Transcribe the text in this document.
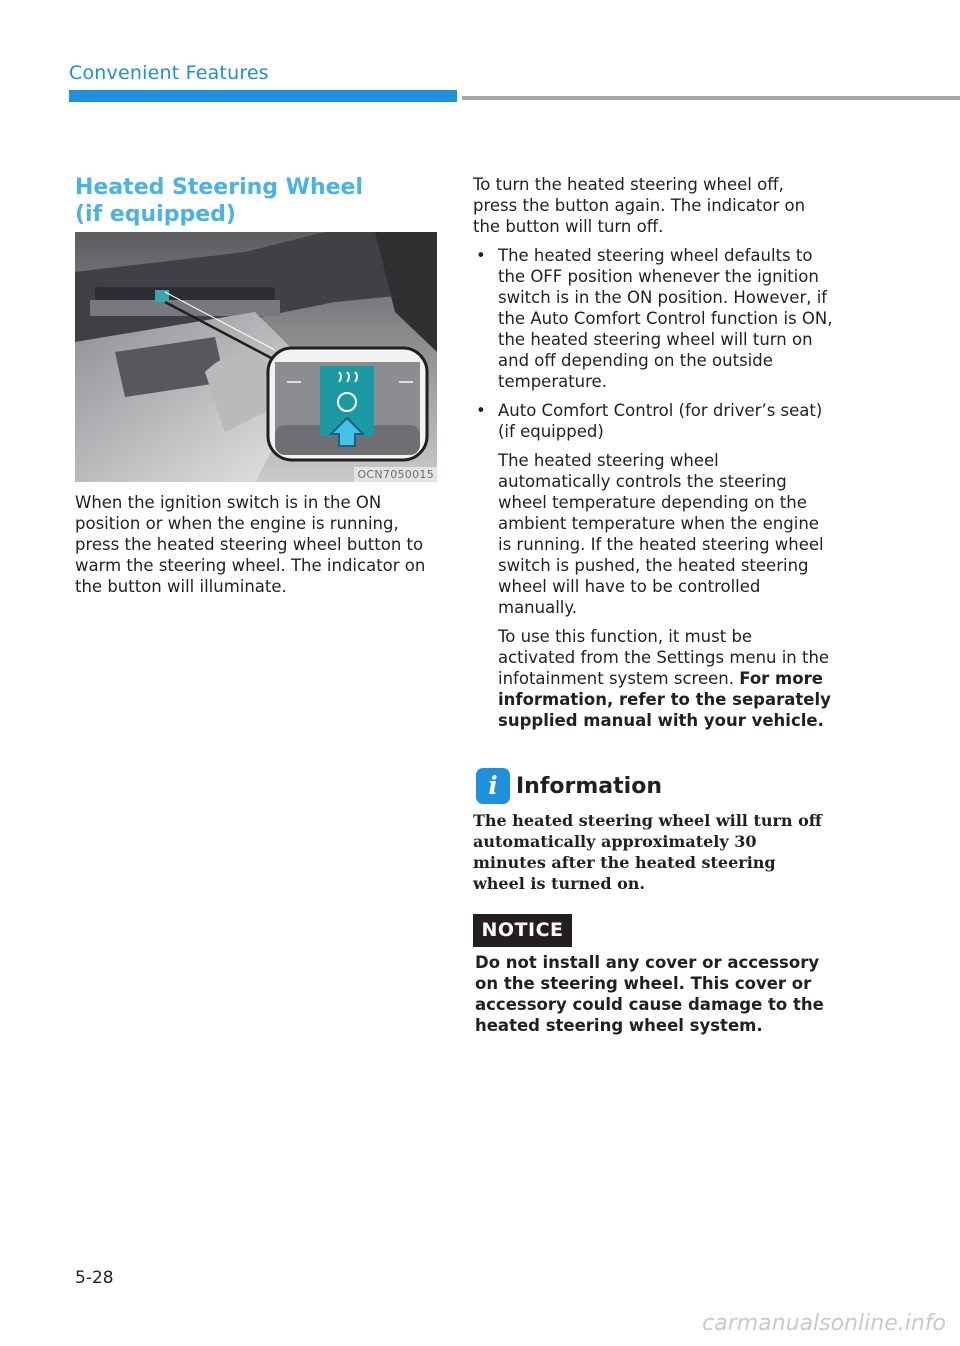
Convenient Features
Heated Steering Wheel
(if equipped)
OCN7050015

When the ignition switch is in the ON position or when the engine is running, press the heated steering wheel button to warm the steering wheel. The indicator on the button will illuminate.

To turn the heated steering wheel off, press the button again. The indicator on the button will turn off.

• The heated steering wheel defaults to the OFF position whenever the ignition switch is in the ON position. However, if the Auto Comfort Control function is ON, the heated steering wheel will turn on and off depending on the outside temperature.
• Auto Comfort Control (for driver’s seat) (if equipped)
The heated steering wheel automatically controls the steering wheel temperature depending on the ambient temperature when the engine is running. If the heated steering wheel switch is pushed, the heated steering wheel will have to be controlled manually.
To use this function, it must be activated from the Settings menu in the infotainment system screen. For more information, refer to the separately supplied manual with your vehicle.
i Information
The heated steering wheel will turn off automatically approximately 30 minutes after the heated steering wheel is turned on.
NOTICE
Do not install any cover or accessory on the steering wheel. This cover or accessory could cause damage to the heated steering wheel system.
5-28
carmanualsonline.info
